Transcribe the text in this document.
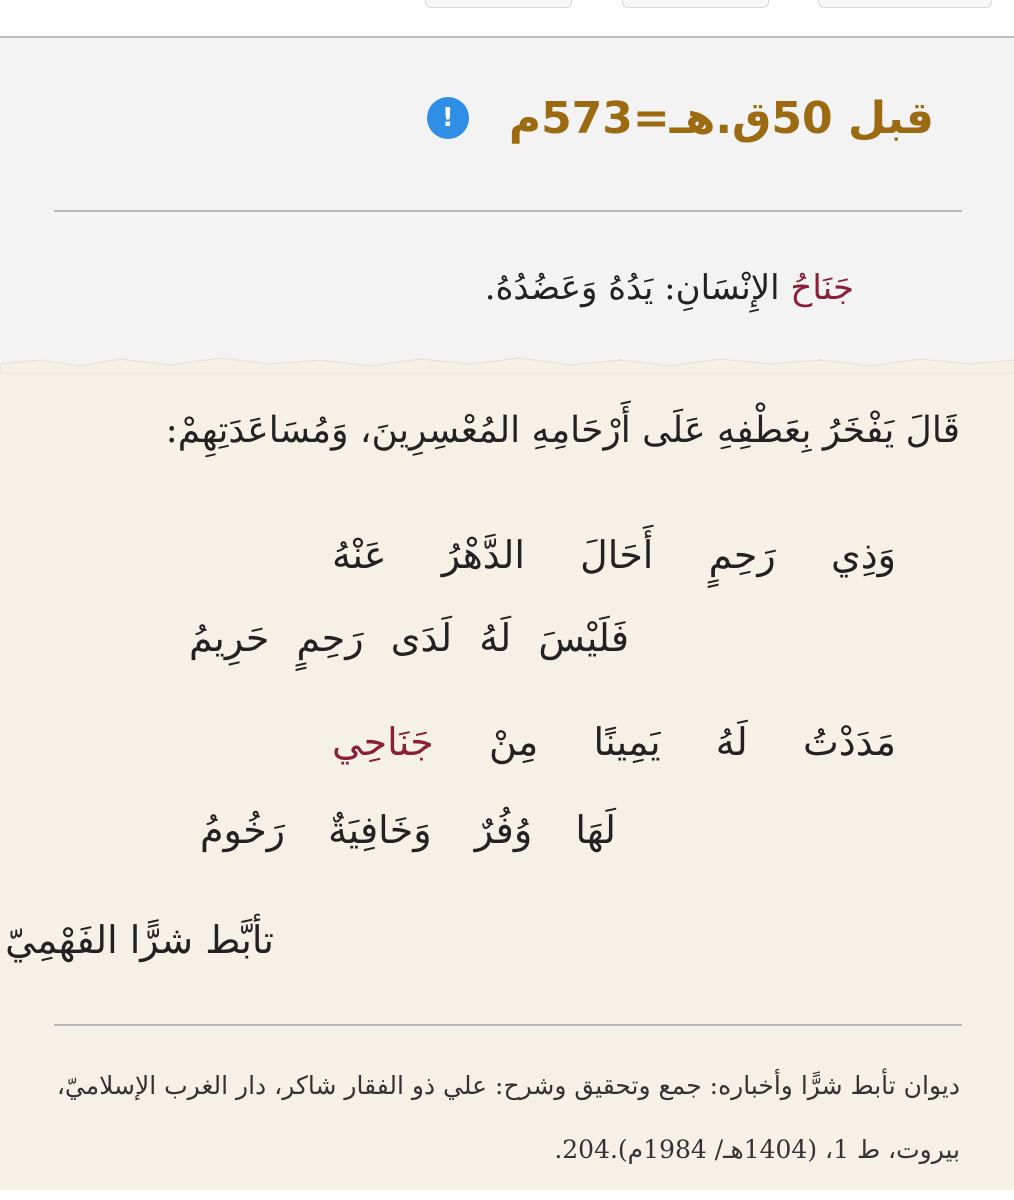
قبل 50ق.هـ=573م
!
جَنَاحُ الإِنْسَانِ: يَدُهُ وَعَضُدُهُ.
قَالَ يَفْخَرُ بِعَطْفِهِ عَلَى أَرْحَامِهِ المُعْسِرِينَ، وَمُسَاعَدَتِهِمْ:
وَذِي
رَحِمٍ
أَحَالَ
الدَّهْرُ
عَنْهُ
فَلَيْسَ
لَهُ
لَدَى
رَحِمٍ
حَرِيمُ
مَدَدْتُ
لَهُ
يَمِينًا
مِنْ
جَنَاحِي
لَهَا
وُفُرٌ
وَخَافِيَةٌ
رَخُومُ
تأبَّط شرًّا الفَهْمِيّ
ديوان تأبط شرًّا وأخباره: جمع وتحقيق وشرح: علي ذو الفقار شاكر، دار الغرب الإسلاميّ، بيروت، ط 1، (1404هـ/ 1984م).204.
